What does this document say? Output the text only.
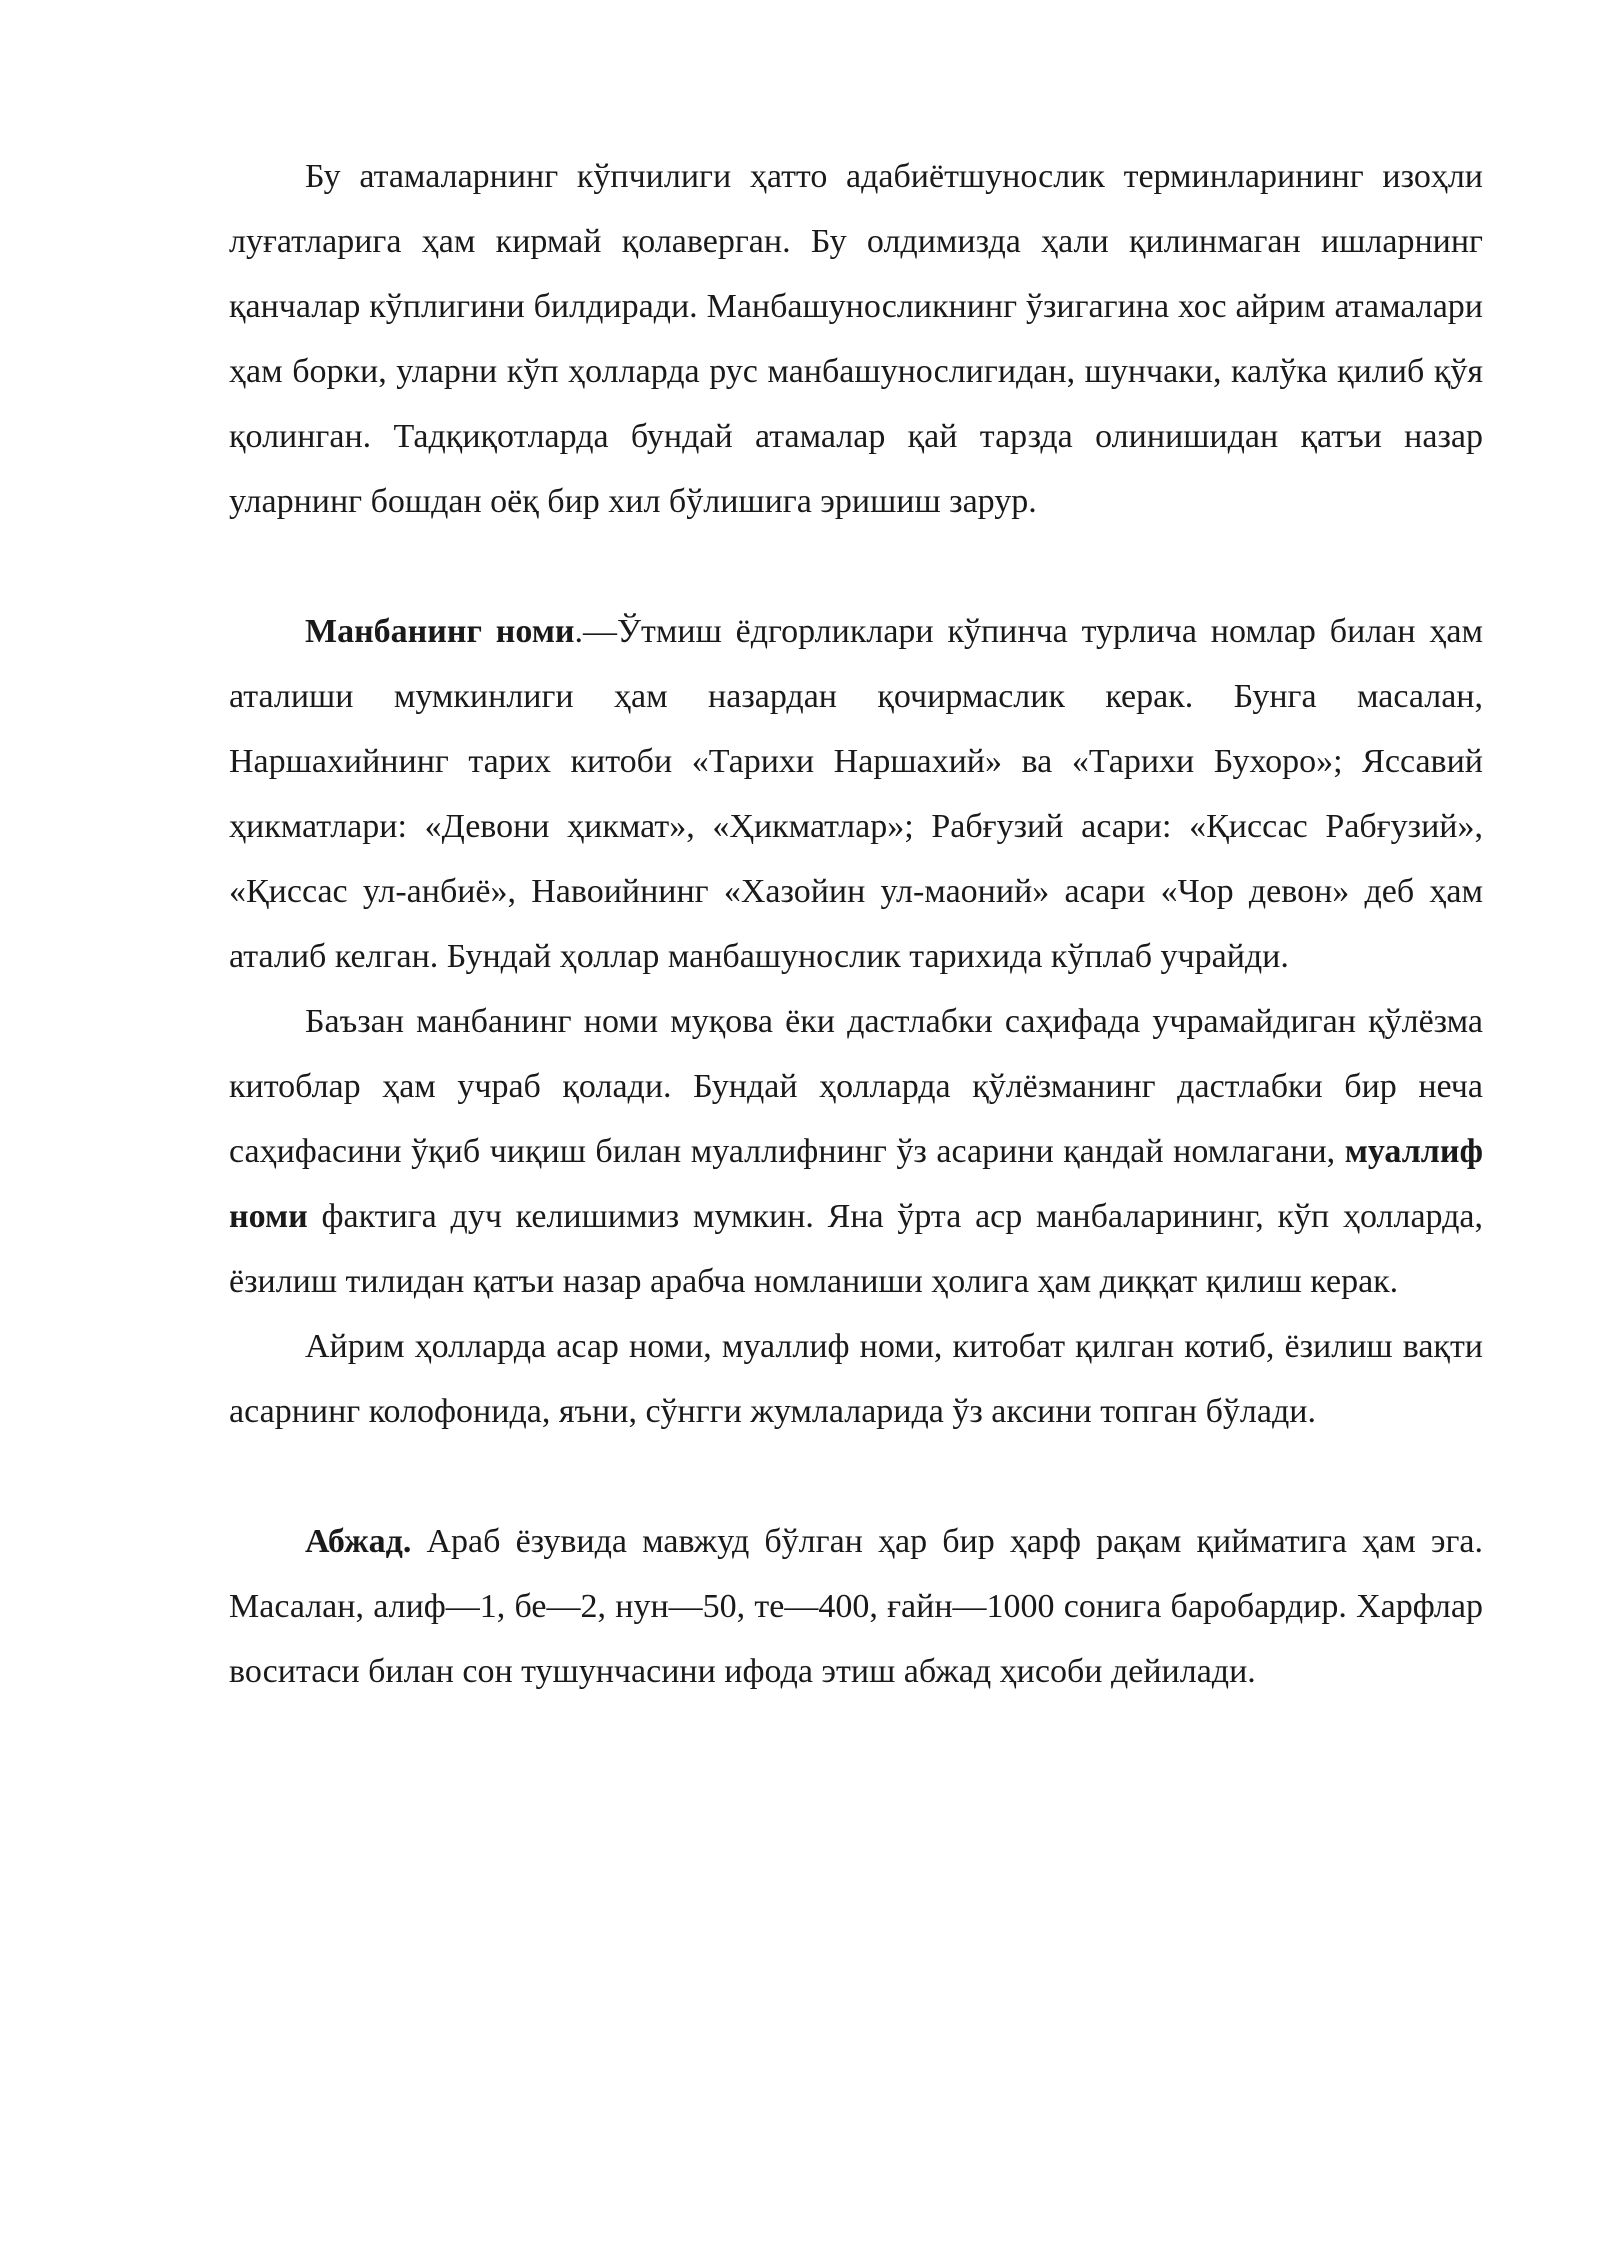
Бу атамаларнинг кўпчилиги ҳатто адабиётшунослик терминларининг изоҳли луғатларига ҳам кирмай қолаверган. Бу олдимизда ҳали қилинмаган ишларнинг қанчалар кўплигини билдиради. Манбашуносликнинг ўзигагина хос айрим атамалари ҳам борки, уларни кўп ҳолларда рус манбашунослигидан, шунчаки, калўка қилиб қўя қолинган. Тадқиқотларда бундай атамалар қай тарзда олинишидан қатъи назар уларнинг бошдан оёқ бир хил бўлишига эришиш зарур.

Манбанинг номи.—Ўтмиш ёдгорликлари кўпинча турлича номлар билан ҳам аталиши мумкинлиги ҳам назардан қочирмаслик керак. Бунга масалан, Наршахийнинг тарих китоби «Тарихи Наршахий» ва «Тарихи Бухоро»; Яссавий ҳикматлари: «Девони ҳикмат», «Ҳикматлар»; Рабғузий асари: «Қиссас Рабғузий», «Қиссас ул-анбиё», Навоийнинг «Хазойин ул-маоний» асари «Чор девон» деб ҳам аталиб келган. Бундай ҳоллар манбашунослик тарихида кўплаб учрайди.

Баъзан манбанинг номи муқова ёки дастлабки саҳифада учрамайдиган қўлёзма китоблар ҳам учраб қолади. Бундай ҳолларда қўлёзманинг дастлабки бир неча саҳифасини ўқиб чиқиш билан муаллифнинг ўз асарини қандай номлагани, муаллиф номи фактига дуч келишимиз мумкин. Яна ўрта аср манбаларининг, кўп ҳолларда, ёзилиш тилидан қатъи назар арабча номланиши ҳолига ҳам диққат қилиш керак.

Айрим ҳолларда асар номи, муаллиф номи, китобат қилган котиб, ёзилиш вақти асарнинг колофонида, яъни, сўнгги жумлаларида ўз аксини топган бўлади.

Абжад. Араб ёзувида мавжуд бўлган ҳар бир ҳарф рақам қийматига ҳам эга. Масалан, алиф—1, бе—2, нун—50, те—400, ғайн—1000 сонига баробардир. Харфлар воситаси билан сон тушунчасини ифода этиш абжад ҳисоби дейилади.
